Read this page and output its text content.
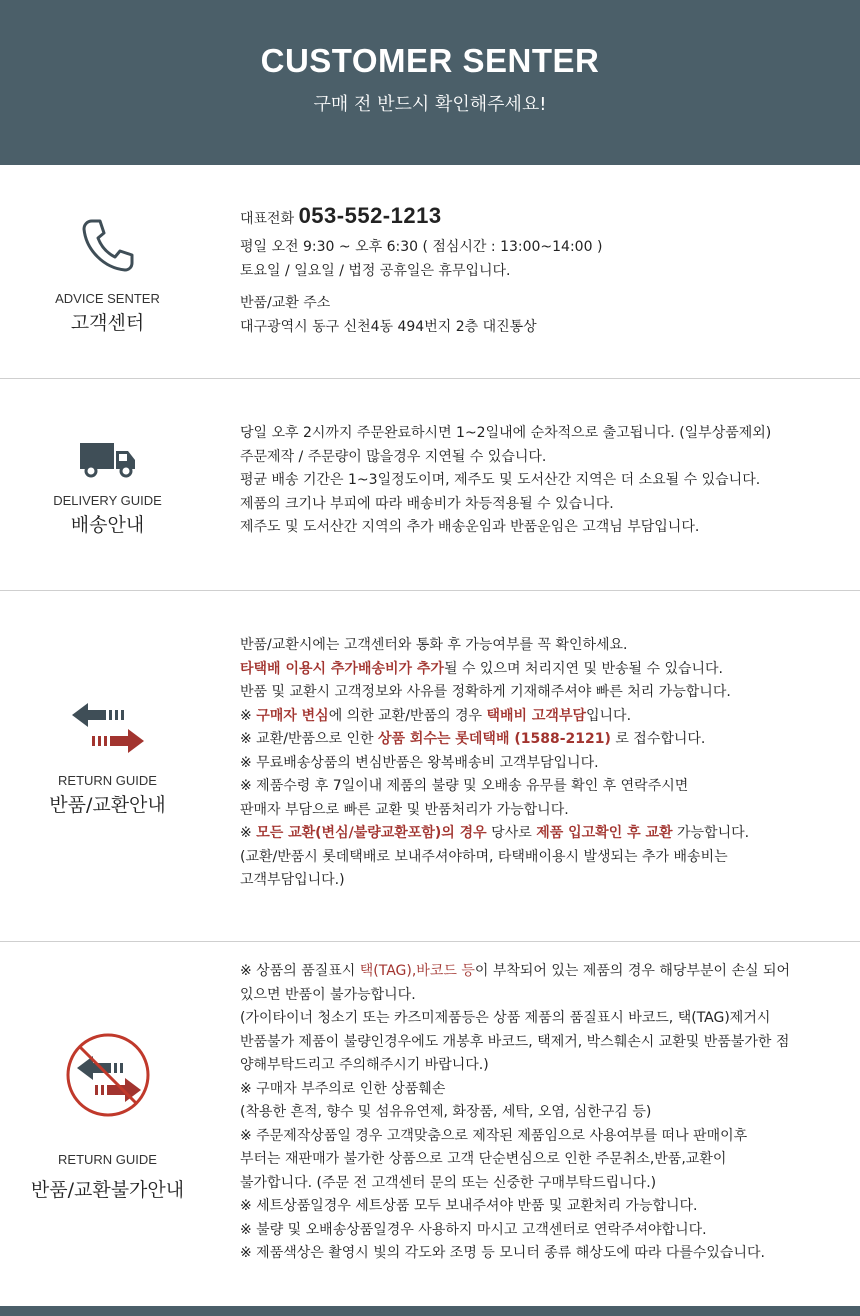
CUSTOMER SENTER
구매 전 반드시 확인해주세요!
ADVICE SENTER
고객센터
대표전화 053-552-1213
평일 오전 9:30 ~ 오후 6:30 ( 점심시간 : 13:00~14:00 )
토요일 / 일요일 / 법정 공휴일은 휴무입니다.
반품/교환 주소
대구광역시 동구 신천4동 494번지 2층 대진통상
DELIVERY GUIDE
배송안내
당일 오후 2시까지 주문완료하시면 1~2일내에 순차적으로 출고됩니다. (일부상품제외)
주문제작 / 주문량이 많을경우 지연될 수 있습니다.
평균 배송 기간은 1~3일정도이며, 제주도 및 도서산간 지역은 더 소요될 수 있습니다.
제품의 크기나 부피에 따라 배송비가 차등적용될 수 있습니다.
제주도 및 도서산간 지역의 추가 배송운임과 반품운임은 고객님 부담입니다.
RETURN GUIDE
반품/교환안내
반품/교환시에는 고객센터와 통화 후 가능여부를 꼭 확인하세요.
타택배 이용시 추가배송비가 추가될 수 있으며 처리지연 및 반송될 수 있습니다.
반품 및 교환시 고객정보와 사유를 정확하게 기재해주셔야 빠른 처리 가능합니다.
※ 구매자 변심에 의한 교환/반품의 경우 택배비 고객부담입니다.
※ 교환/반품으로 인한 상품 회수는 롯데택배 (1588-2121) 로 접수합니다.
※ 무료배송상품의 변심반품은 왕복배송비 고객부담입니다.
※ 제품수령 후 7일이내 제품의 불량 및 오배송 유무를 확인 후 연락주시면
판매자 부담으로 빠른 교환 및 반품처리가 가능합니다.
※ 모든 교환(변심/불량교환포함)의 경우 당사로 제품 입고확인 후 교환 가능합니다.
(교환/반품시 롯데택배로 보내주셔야하며, 타택배이용시 발생되는 추가 배송비는
고객부담입니다.)
RETURN GUIDE
반품/교환불가안내
※ 상품의 품질표시 택(TAG),바코드 등이 부착되어 있는 제품의 경우 해당부분이 손실 되어
있으면 반품이 불가능합니다.
(가이타이너 청소기 또는 카즈미제품등은 상품 제품의 품질표시 바코드, 택(TAG)제거시
반품불가 제품이 불량인경우에도 개봉후 바코드, 택제거, 박스훼손시 교환및 반품불가한 점
양해부탁드리고 주의해주시기 바랍니다.)
※ 구매자 부주의로 인한 상품훼손
(착용한 흔적, 향수 및 섬유유연제, 화장품, 세탁, 오염, 심한구김 등)
※ 주문제작상품일 경우 고객맞춤으로 제작된 제품임으로 사용여부를 떠나 판매이후
부터는 재판매가 불가한 상품으로 고객 단순변심으로 인한 주문취소,반품,교환이
불가합니다. (주문 전 고객센터 문의 또는 신중한 구매부탁드립니다.)
※ 세트상품일경우 세트상품 모두 보내주셔야 반품 및 교환처리 가능합니다.
※ 불량 및 오배송상품일경우 사용하지 마시고 고객센터로 연락주셔야합니다.
※ 제품색상은 촬영시 빛의 각도와 조명 등 모니터 종류 해상도에 따라 다를수있습니다.
